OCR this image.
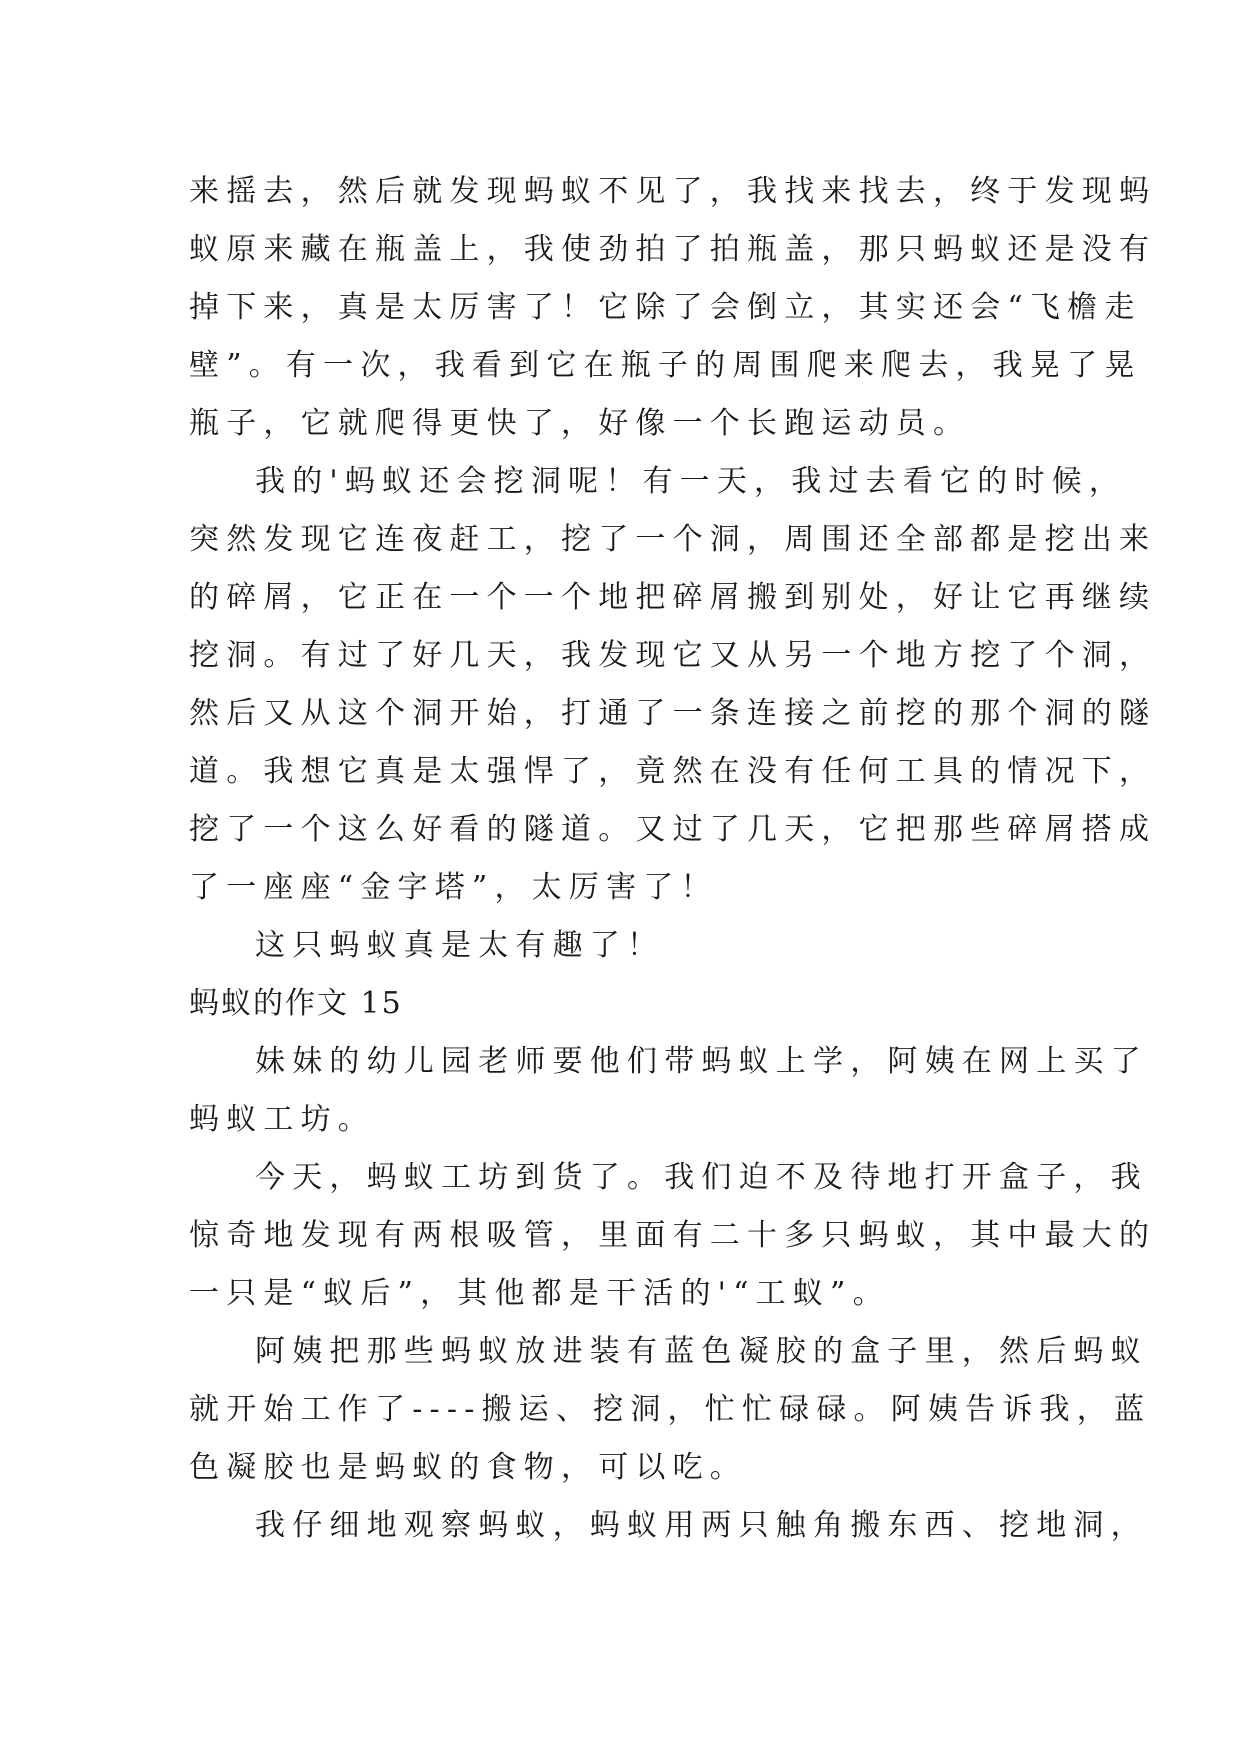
来摇去，然后就发现蚂蚁不见了，我找来找去，终于发现蚂
蚁原来藏在瓶盖上，我使劲拍了拍瓶盖，那只蚂蚁还是没有
掉下来，真是太厉害了！它除了会倒立，其实还会“飞檐走
壁”。有一次，我看到它在瓶子的周围爬来爬去，我晃了晃
瓶子，它就爬得更快了，好像一个长跑运动员。
我的'蚂蚁还会挖洞呢！有一天，我过去看它的时候，
突然发现它连夜赶工，挖了一个洞，周围还全部都是挖出来
的碎屑，它正在一个一个地把碎屑搬到别处，好让它再继续
挖洞。有过了好几天，我发现它又从另一个地方挖了个洞，
然后又从这个洞开始，打通了一条连接之前挖的那个洞的隧
道。我想它真是太强悍了，竟然在没有任何工具的情况下，
挖了一个这么好看的隧道。又过了几天，它把那些碎屑搭成
了一座座“金字塔”，太厉害了！
这只蚂蚁真是太有趣了！
蚂蚁的作文 15
妹妹的幼儿园老师要他们带蚂蚁上学，阿姨在网上买了
蚂蚁工坊。
今天，蚂蚁工坊到货了。我们迫不及待地打开盒子，我
惊奇地发现有两根吸管，里面有二十多只蚂蚁，其中最大的
一只是“蚁后”，其他都是干活的'“工蚁”。
阿姨把那些蚂蚁放进装有蓝色凝胶的盒子里，然后蚂蚁
就开始工作了----搬运、挖洞，忙忙碌碌。阿姨告诉我，蓝
色凝胶也是蚂蚁的食物，可以吃。
我仔细地观察蚂蚁，蚂蚁用两只触角搬东西、挖地洞，
